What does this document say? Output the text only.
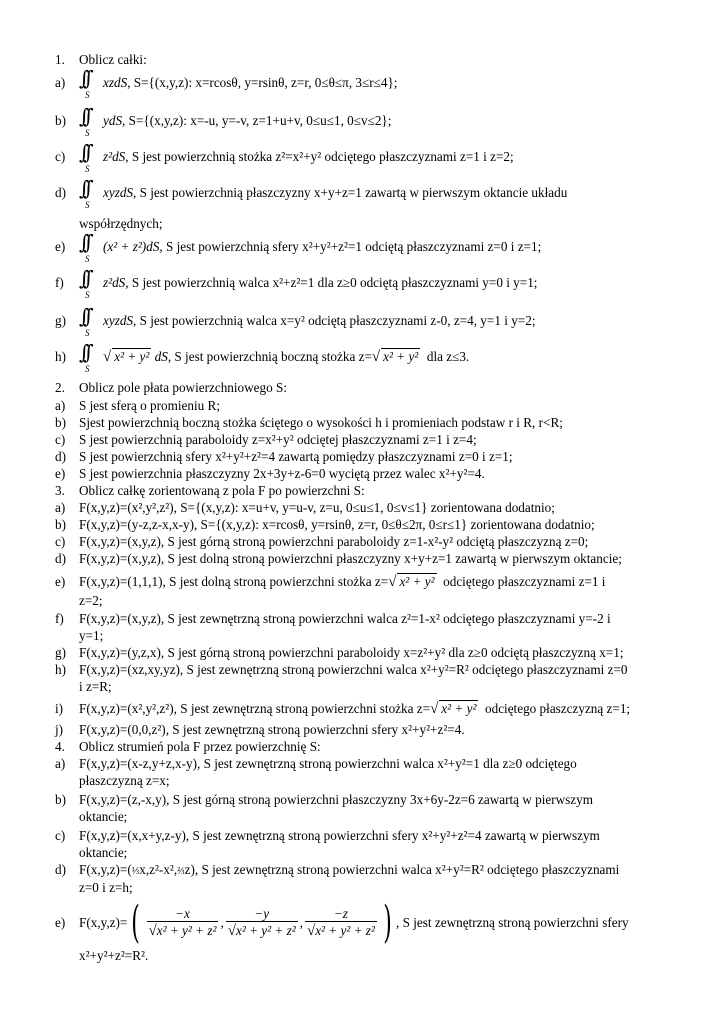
1. Oblicz całki:
a) ∫∫
S
xzdS, S={(x,y,z): x=rcosθ, y=rsinθ, z=r, 0≤θ≤π, 3≤r≤4};
b) ∫∫
S
ydS, S={(x,y,z): x=-u, y=-v, z=1+u+v, 0≤u≤1, 0≤v≤2};
c) ∫∫
S
z²dS, S jest powierzchnią stożka z²=x²+y² odciętego płaszczyznami z=1 i z=2;
d) ∫∫
S
xyzdS, S jest powierzchnią płaszczyzny x+y+z=1 zawartą w pierwszym oktancie układu
współrzędnych;
e) ∫∫
S
(x² + z²)dS, S jest powierzchnią sfery x²+y²+z²=1 odciętą płaszczyznami z=0 i z=1;
f) ∫∫
S
z²dS, S jest powierzchnią walca x²+z²=1 dla z≥0 odciętą płaszczyznami y=0 i y=1;
g) ∫∫
S
xyzdS, S jest powierzchnią walca x=y² odciętą płaszczyznami z-0, z=4, y=1 i y=2;
h) ∫∫
S
√ x² + y² dS, S jest powierzchnią boczną stożka z=√ x² + y² dla z≤3.
2. Oblicz pole płata powierzchniowego S:
a) S jest sferą o promieniu R;
b) Sjest powierzchnią boczną stożka ściętego o wysokości h i promieniach podstaw r i R, r<R;
c) S jest powierzchnią paraboloidy z=x²+y² odciętej płaszczyznami z=1 i z=4;
d) S jest powierzchnią sfery x²+y²+z²=4 zawartą pomiędzy płaszczyznami z=0 i z=1;
e) S jest powierzchnia płaszczyzny 2x+3y+z-6=0 wyciętą przez walec x²+y²=4.
3. Oblicz całkę zorientowaną z pola F po powierzchni S:
a) F(x,y,z)=(x²,y²,z²), S={(x,y,z): x=u+v, y=u-v, z=u, 0≤u≤1, 0≤v≤1} zorientowana dodatnio;
b) F(x,y,z)=(y-z,z-x,x-y), S={(x,y,z): x=rcosθ, y=rsinθ, z=r, 0≤θ≤2π, 0≤r≤1} zorientowana dodatnio;
c) F(x,y,z)=(x,y,z), S jest górną stroną powierzchni paraboloidy z=1-x²-y² odciętą płaszczyzną z=0;
d) F(x,y,z)=(x,y,z), S jest dolną stroną powierzchni płaszczyzny x+y+z=1 zawartą w pierwszym oktancie;
e) F(x,y,z)=(1,1,1), S jest dolną stroną powierzchni stożka z=√ x² + y² odciętego płaszczyznami z=1 i
z=2;
f) F(x,y,z)=(x,y,z), S jest zewnętrzną stroną powierzchni walca z²=1-x² odciętego płaszczyznami y=-2 i
y=1;
g) F(x,y,z)=(y,z,x), S jest górną stroną powierzchni paraboloidy x=z²+y² dla z≥0 odciętą płaszczyzną x=1;
h) F(x,y,z)=(xz,xy,yz), S jest zewnętrzną stroną powierzchni walca x²+y²=R² odciętego płaszczyznami z=0
i z=R;
i) F(x,y,z)=(x²,y²,z²), S jest zewnętrzną stroną powierzchni stożka z=√ x² + y² odciętego płaszczyzną z=1;
j) F(x,y,z)=(0,0,z²), S jest zewnętrzną stroną powierzchni sfery x²+y²+z²=4.
4. Oblicz strumień pola F przez powierzchnię S:
a) F(x,y,z)=(x-z,y+z,x-y), S jest zewnętrzną stroną powierzchni walca x²+y²=1 dla z≥0 odciętego
płaszczyzną z=x;
b) F(x,y,z)=(z,-x,y), S jest górną stroną powierzchni płaszczyzny 3x+6y-2z=6 zawartą w pierwszym
oktancie;
c) F(x,y,z)=(x,x+y,z-y), S jest zewnętrzną stroną powierzchni sfery x²+y²+z²=4 zawartą w pierwszym
oktancie;
d) F(x,y,z)=(⅓x,z²-x²,⅔z), S jest zewnętrzną stroną powierzchni walca x²+y²=R² odciętego płaszczyznami
z=0 i z=h;
e)	F(x,y,z)= ( $\frac{-x}{\text{√x² + y² + z²}}$ , $\frac{-y}{\text{√x² + y² + z²}}$ , $\frac{-z}{\text{√x² + y² + z²}}$ ) , S jest zewnętrzną stroną powierzchni sfery
x²+y²+z²=R².
